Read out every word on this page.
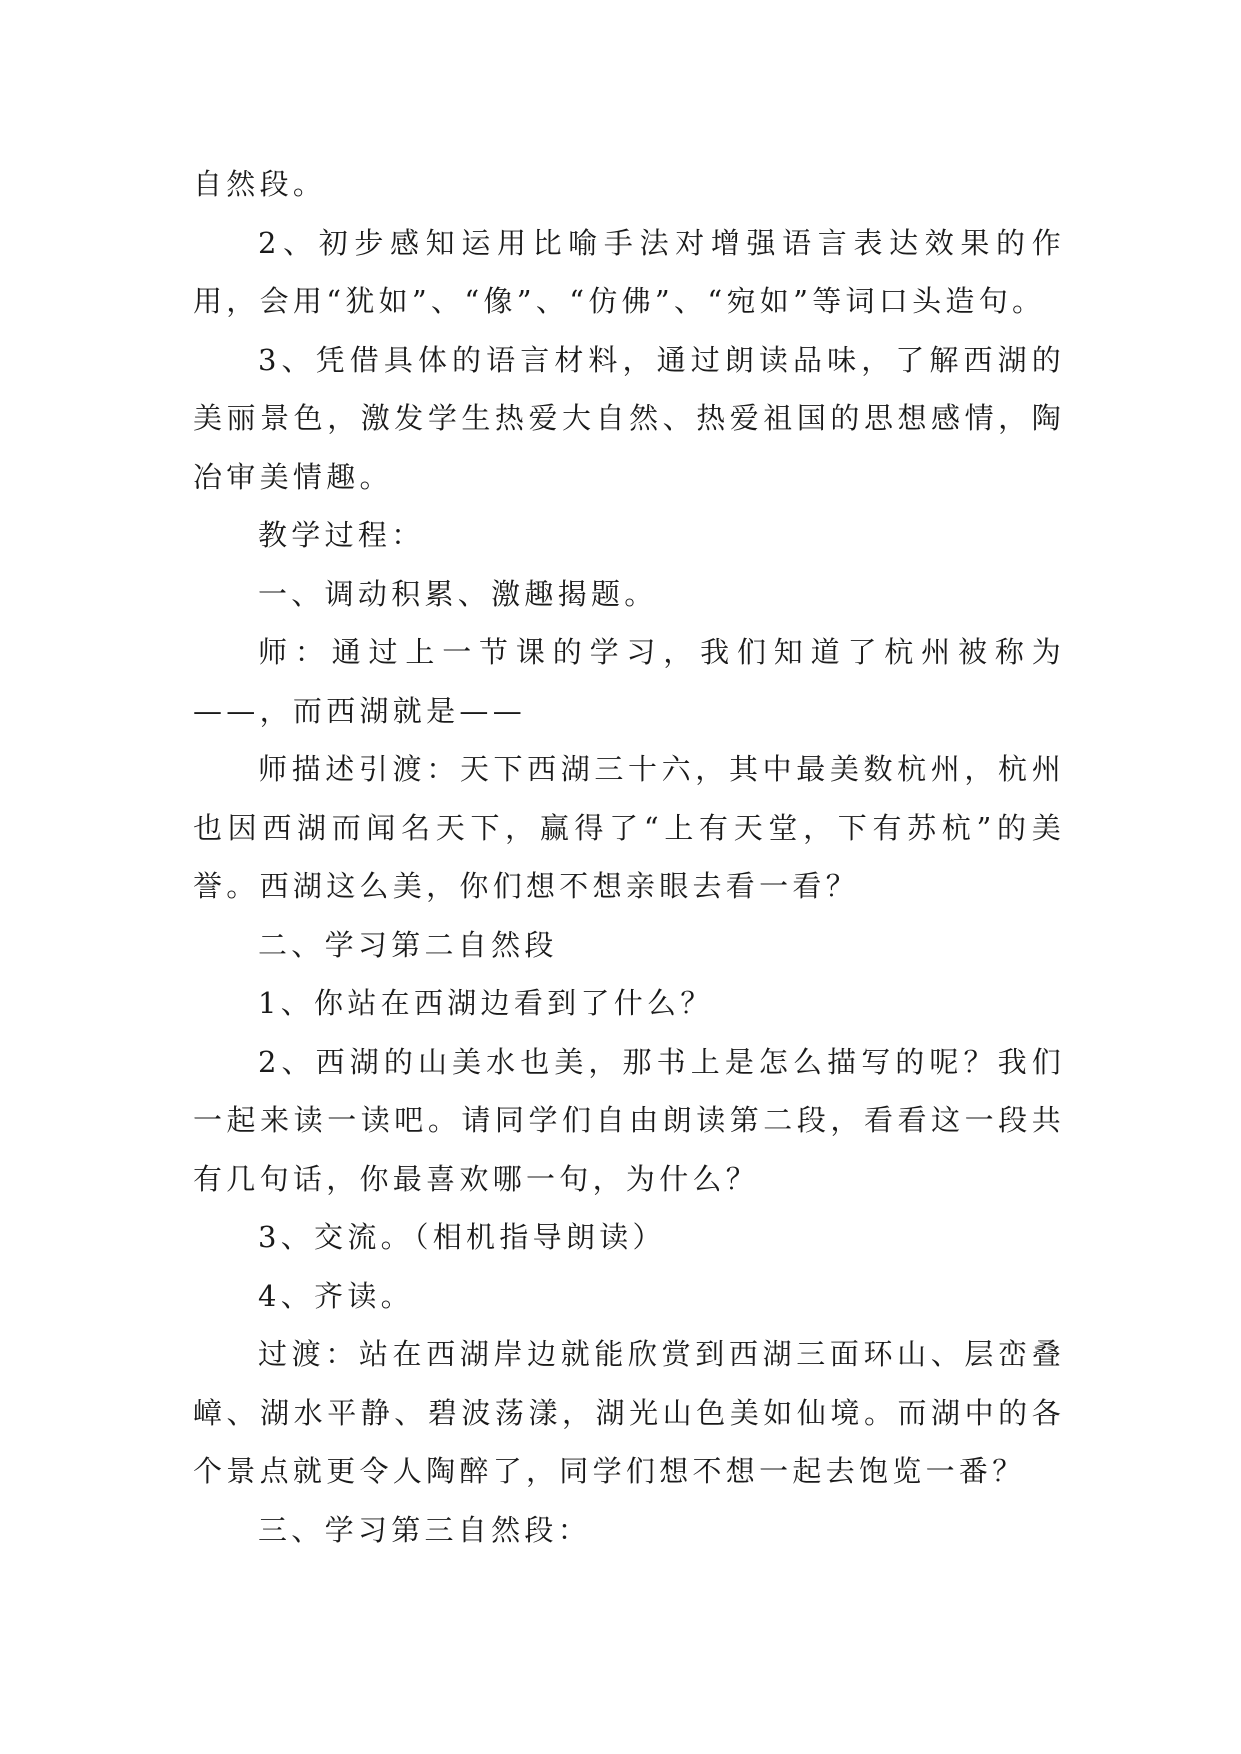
自然段。

2、初步感知运用比喻手法对增强语言表达效果的作用，会用“犹如”、“像”、“仿佛”、“宛如”等词口头造句。

3、凭借具体的语言材料，通过朗读品味，了解西湖的美丽景色，激发学生热爱大自然、热爱祖国的思想感情，陶冶审美情趣。

教学过程：

一、调动积累、激趣揭题。

师：通过上一节课的学习，我们知道了杭州被称为——，而西湖就是——

师描述引渡：天下西湖三十六，其中最美数杭州，杭州也因西湖而闻名天下，赢得了“上有天堂，下有苏杭”的美誉。西湖这么美，你们想不想亲眼去看一看？

二、学习第二自然段

1、你站在西湖边看到了什么？

2、西湖的山美水也美，那书上是怎么描写的呢？我们一起来读一读吧。请同学们自由朗读第二段，看看这一段共有几句话，你最喜欢哪一句，为什么？

3、交流。（相机指导朗读）

4、齐读。

过渡：站在西湖岸边就能欣赏到西湖三面环山、层峦叠嶂、湖水平静、碧波荡漾，湖光山色美如仙境。而湖中的各个景点就更令人陶醉了，同学们想不想一起去饱览一番？

三、学习第三自然段：
